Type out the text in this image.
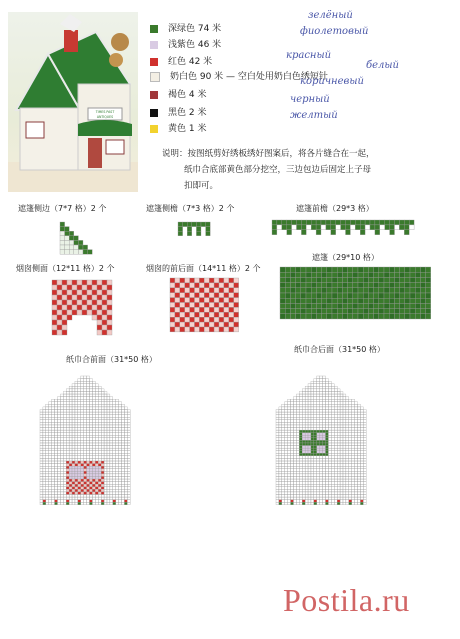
TIMES PAST
ANTIQUES
深绿色 74 米
зелёный
浅紫色 46 米
фиолетовый
红色 42 米
красный
奶白色 90 米 — 空白处用奶白色绣短针
белый
褐色 4 米
коричневый
黑色 2 米
черный
黄色 1 米
желтый
说明：按图纸剪好绣板绣好图案后，将各片缝合在一起，
纸巾合底部黄色部分挖空，三边包边后固定上子母
扣即可。
遮篷侧边（7*7 格）2 个	遮篷侧檐（7*3 格）2 个	遮篷前檐（29*3 格）
烟囱侧面（12*11 格）2 个	烟囱的前后面（14*11 格）2 个
遮篷（29*10 格）
纸巾合前面（31*50 格）
纸巾合后面（31*50 格）
Postila.ru
